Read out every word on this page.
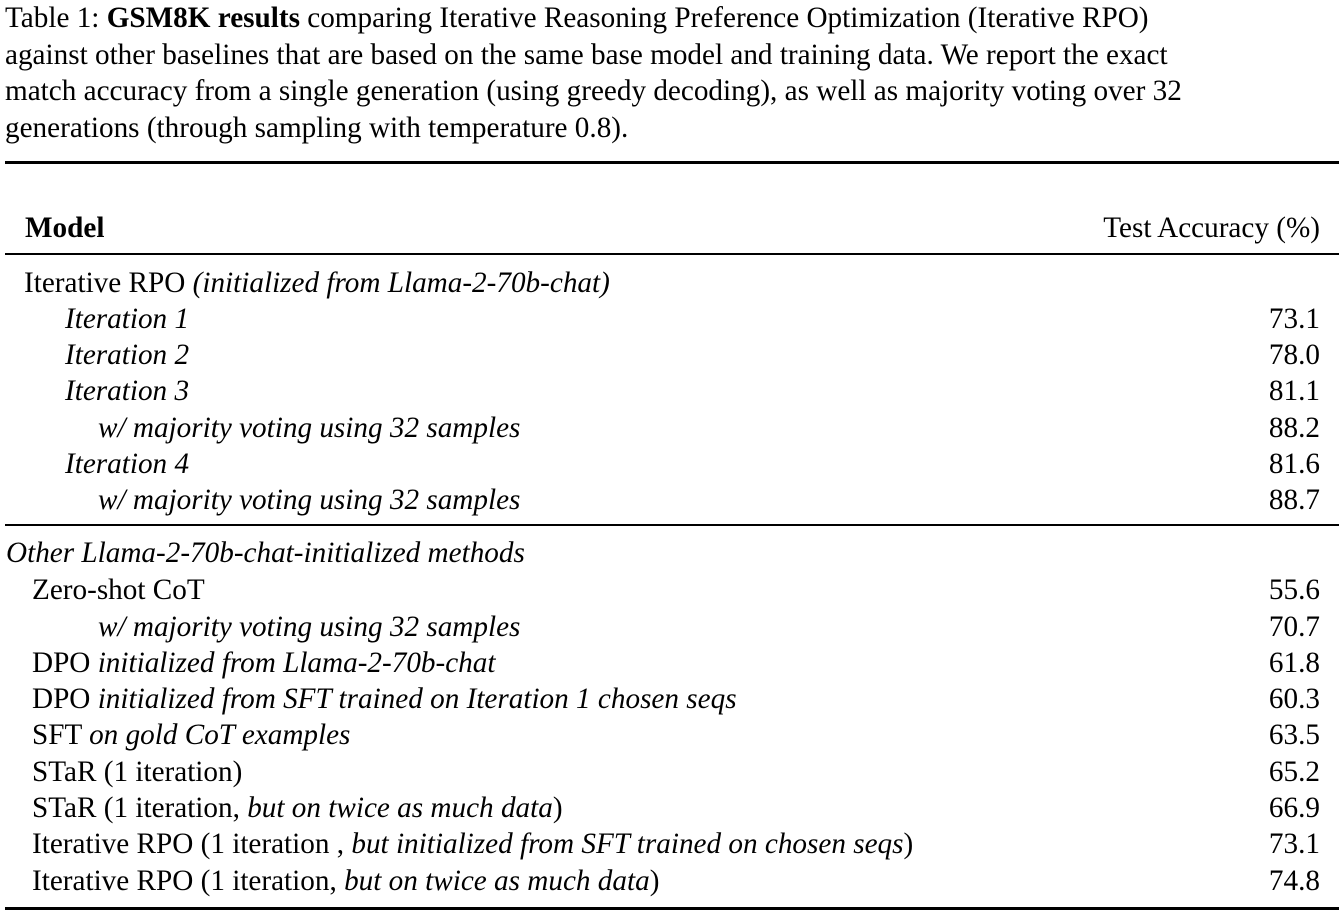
Table 1: GSM8K results comparing Iterative Reasoning Preference Optimization (Iterative RPO)
against other baselines that are based on the same base model and training data. We report the exact
match accuracy from a single generation (using greedy decoding), as well as majority voting over 32
generations (through sampling with temperature 0.8).
Model	Test Accuracy (%)
Iterative RPO (initialized from Llama-2-70b-chat)
Iteration 1	73.1
Iteration 2	78.0
Iteration 3	81.1
w/ majority voting using 32 samples	88.2
Iteration 4	81.6
w/ majority voting using 32 samples	88.7
Other Llama-2-70b-chat-initialized methods
Zero-shot CoT	55.6
w/ majority voting using 32 samples	70.7
DPO initialized from Llama-2-70b-chat	61.8
DPO initialized from SFT trained on Iteration 1 chosen seqs	60.3
SFT on gold CoT examples	63.5
STaR (1 iteration)	65.2
STaR (1 iteration, but on twice as much data)	66.9
Iterative RPO (1 iteration , but initialized from SFT trained on chosen seqs)	73.1
Iterative RPO (1 iteration, but on twice as much data)	74.8
